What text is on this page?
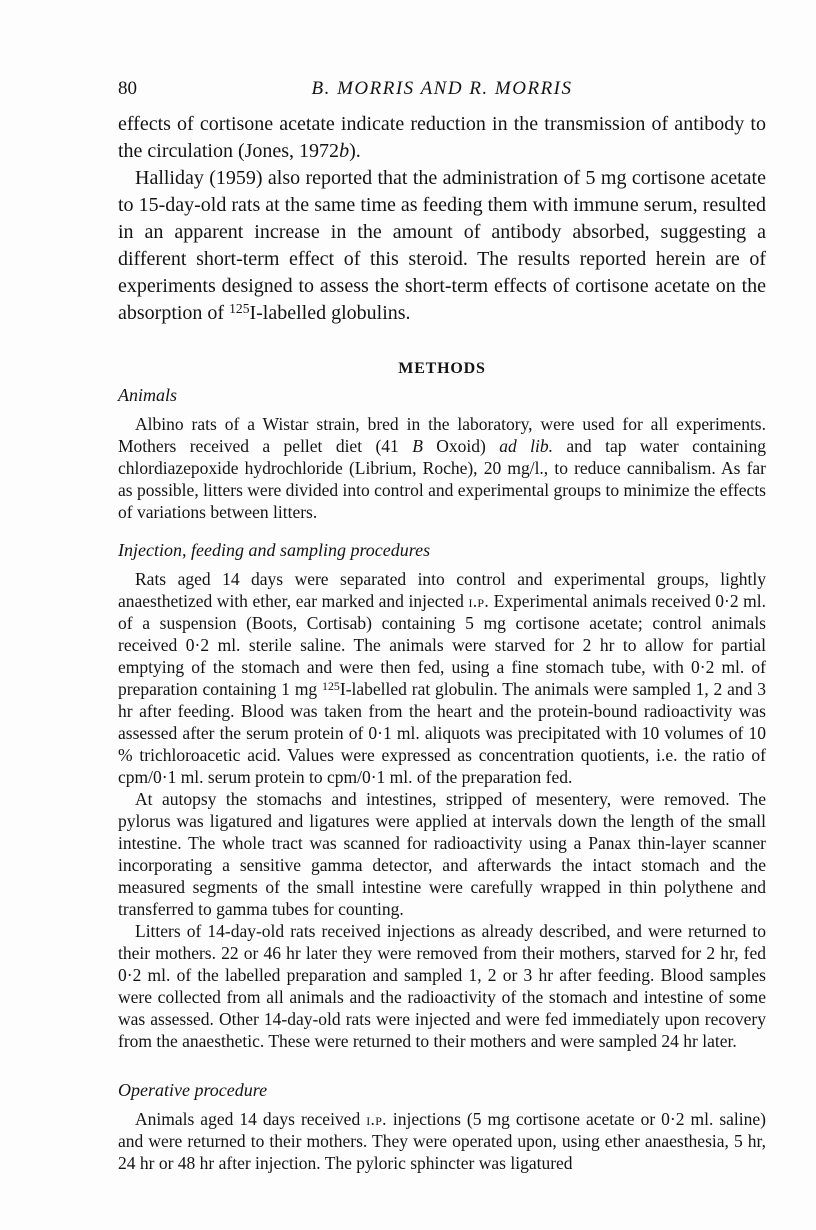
80	B. MORRIS AND R. MORRIS

effects of cortisone acetate indicate reduction in the transmission of antibody to the circulation (Jones, 1972b).

Halliday (1959) also reported that the administration of 5 mg cortisone acetate to 15-day-old rats at the same time as feeding them with immune serum, resulted in an apparent increase in the amount of antibody absorbed, suggesting a different short-term effect of this steroid. The results reported herein are of experiments designed to assess the short-term effects of cortisone acetate on the absorption of $^{125}$I-labelled globulins.

METHODS
Animals

Albino rats of a Wistar strain, bred in the laboratory, were used for all experiments. Mothers received a pellet diet (41 B Oxoid) ad lib. and tap water containing chlordiazepoxide hydrochloride (Librium, Roche), 20 mg/l., to reduce cannibalism. As far as possible, litters were divided into control and experimental groups to minimize the effects of variations between litters.

Injection, feeding and sampling procedures

Rats aged 14 days were separated into control and experimental groups, lightly anaesthetized with ether, ear marked and injected i.p. Experimental animals received 0·2 ml. of a suspension (Boots, Cortisab) containing 5 mg cortisone acetate; control animals received 0·2 ml. sterile saline. The animals were starved for 2 hr to allow for partial emptying of the stomach and were then fed, using a fine stomach tube, with 0·2 ml. of preparation containing 1 mg $^{125}$I-labelled rat globulin. The animals were sampled 1, 2 and 3 hr after feeding. Blood was taken from the heart and the protein-bound radioactivity was assessed after the serum protein of 0·1 ml. aliquots was precipitated with 10 volumes of 10 % trichloroacetic acid. Values were expressed as concentration quotients, i.e. the ratio of cpm/0·1 ml. serum protein to cpm/0·1 ml. of the preparation fed.

At autopsy the stomachs and intestines, stripped of mesentery, were removed. The pylorus was ligatured and ligatures were applied at intervals down the length of the small intestine. The whole tract was scanned for radioactivity using a Panax thin-layer scanner incorporating a sensitive gamma detector, and afterwards the intact stomach and the measured segments of the small intestine were carefully wrapped in thin polythene and transferred to gamma tubes for counting.

Litters of 14-day-old rats received injections as already described, and were returned to their mothers. 22 or 46 hr later they were removed from their mothers, starved for 2 hr, fed 0·2 ml. of the labelled preparation and sampled 1, 2 or 3 hr after feeding. Blood samples were collected from all animals and the radioactivity of the stomach and intestine of some was assessed. Other 14-day-old rats were injected and were fed immediately upon recovery from the anaesthetic. These were returned to their mothers and were sampled 24 hr later.

Operative procedure

Animals aged 14 days received i.p. injections (5 mg cortisone acetate or 0·2 ml. saline) and were returned to their mothers. They were operated upon, using ether anaesthesia, 5 hr, 24 hr or 48 hr after injection. The pyloric sphincter was ligatured
